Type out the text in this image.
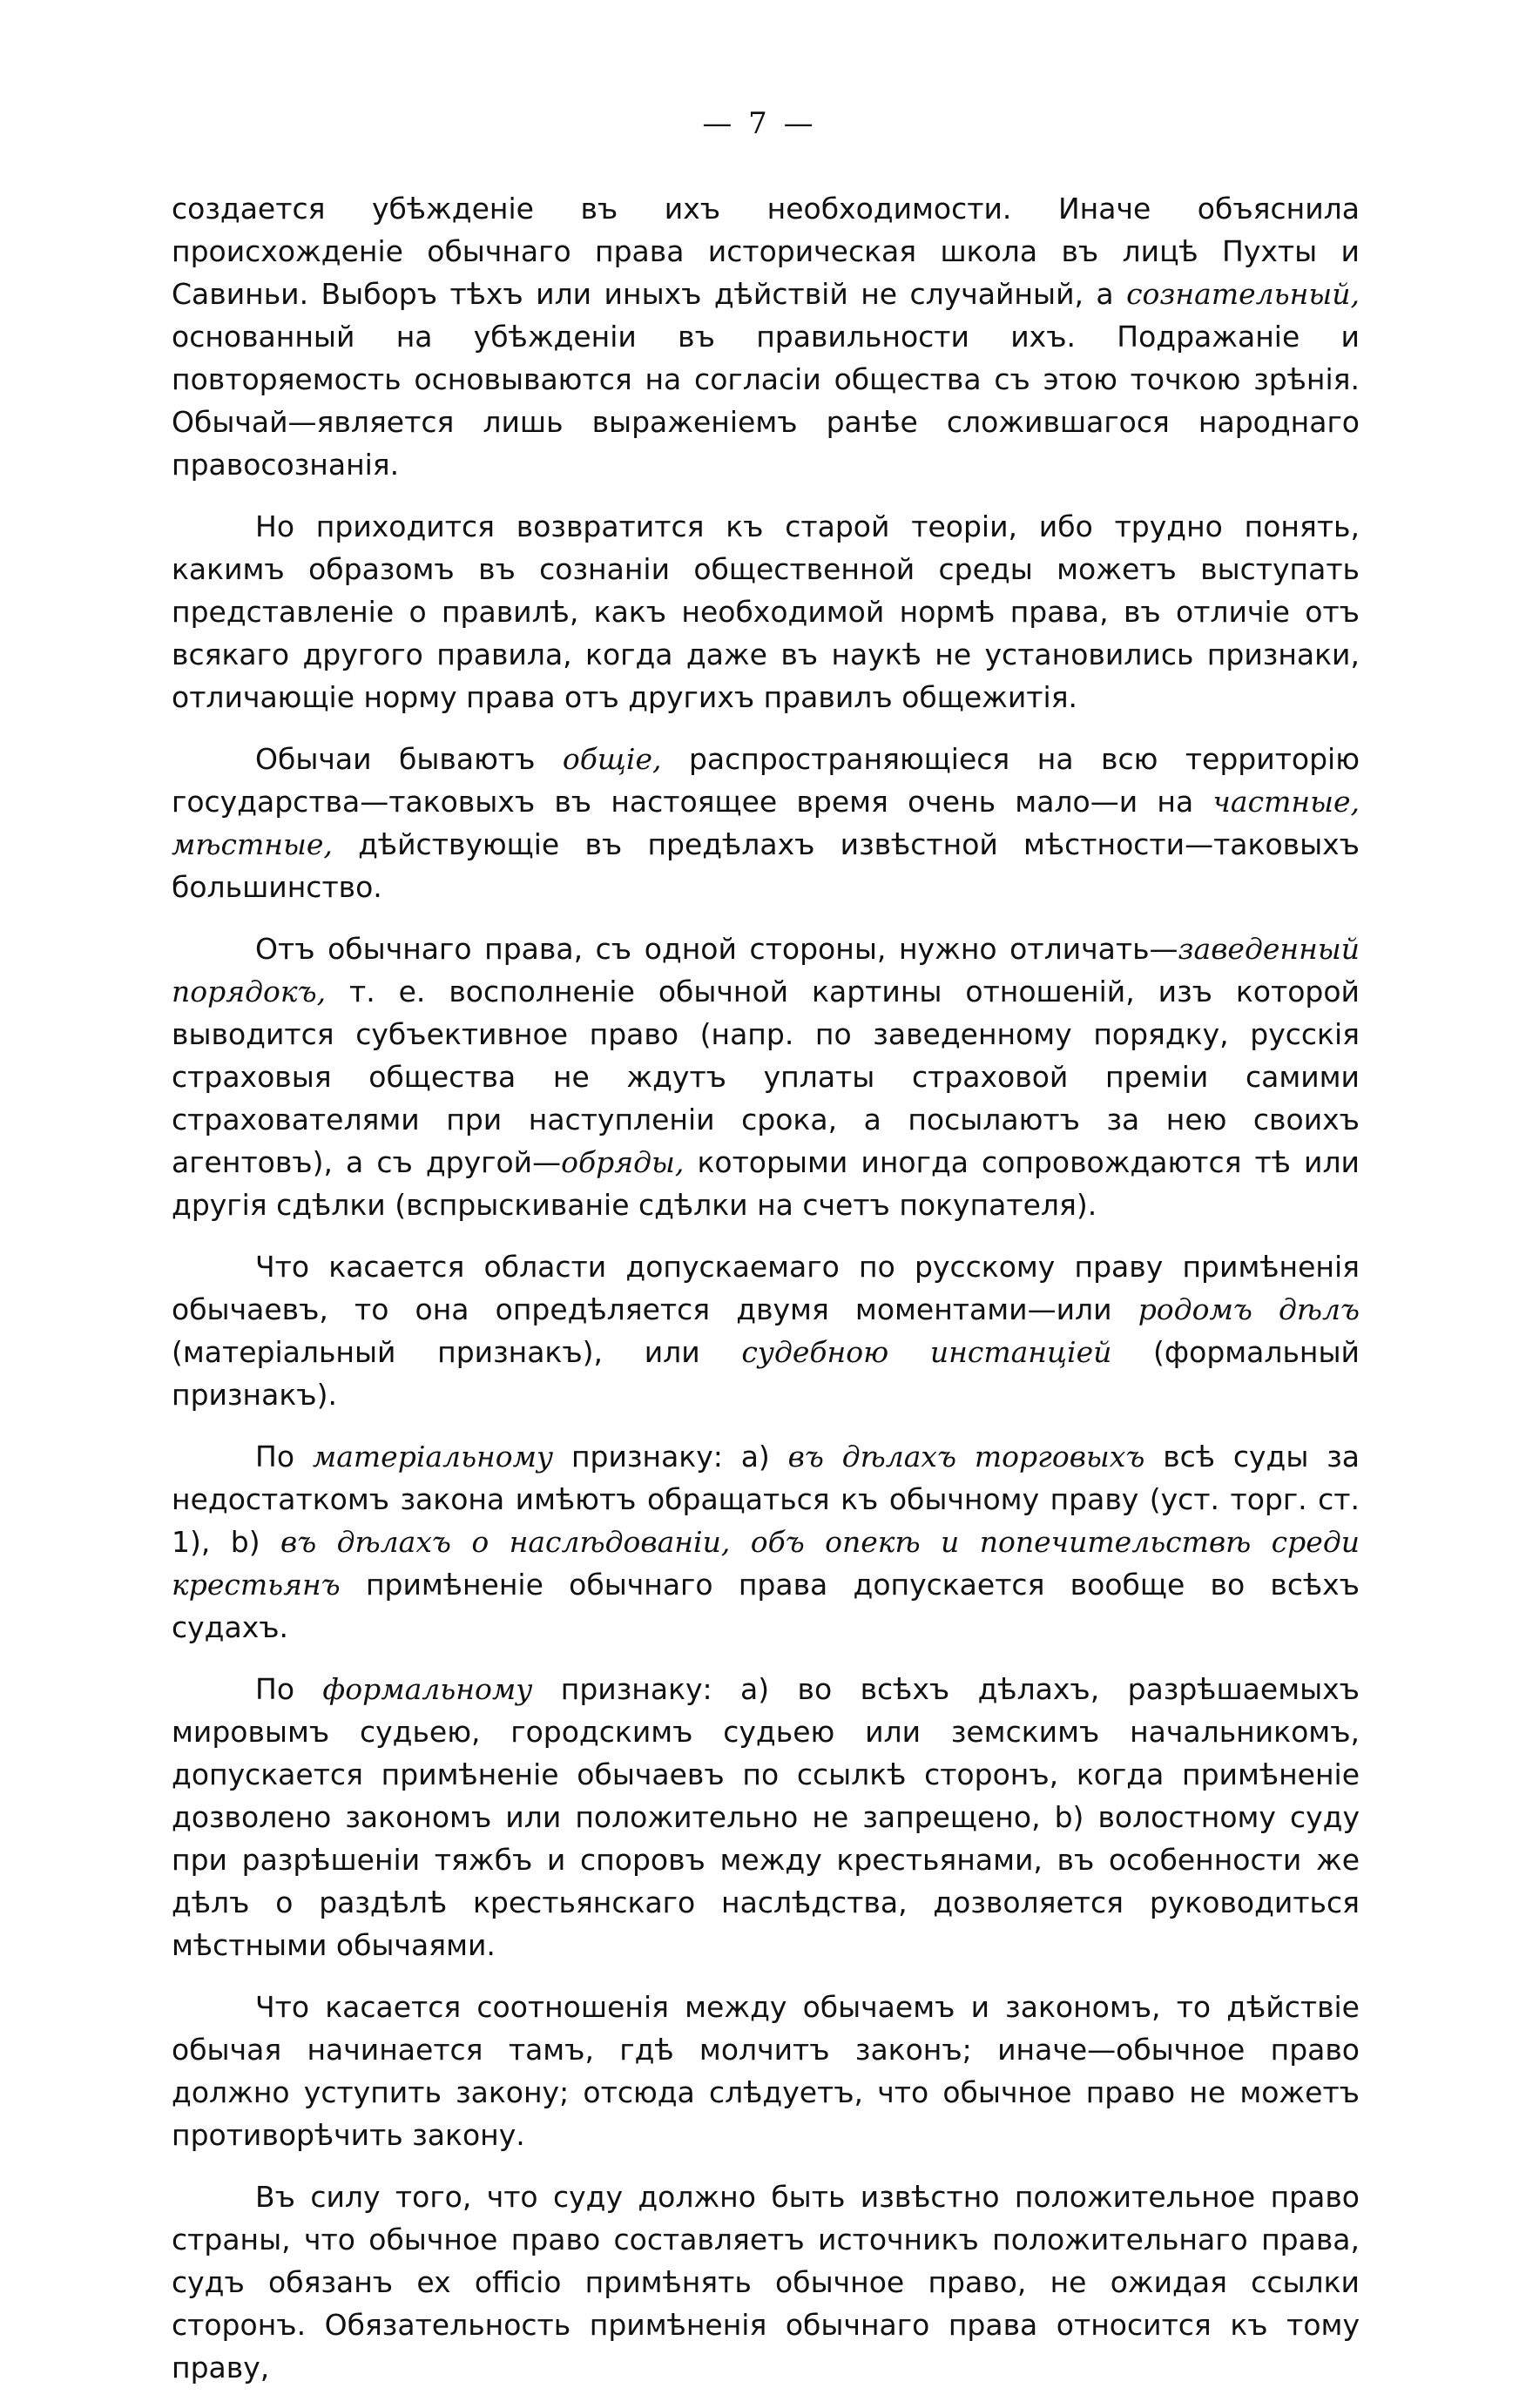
— 7 —

создается убѣжденіе въ ихъ необходимости. Иначе объяснила происхожденіе обычнаго права историческая школа въ лицѣ Пухты и Савиньи. Выборъ тѣхъ или иныхъ дѣйствій не случайный, а сознательный, основанный на убѣжденіи въ правильности ихъ. Подражаніе и повторяемость основываются на согласіи общества съ этою точкою зрѣнія. Обычай—является лишь выраженіемъ ранѣе сложившагося народнаго правосознанія.

Но приходится возвратится къ старой теоріи, ибо трудно понять, какимъ образомъ въ сознаніи общественной среды можетъ выступать представленіе о правилѣ, какъ необходимой нормѣ права, въ отличіе отъ всякаго другого правила, когда даже въ наукѣ не установились признаки, отличающіе норму права отъ другихъ правилъ общежитія.

Обычаи бываютъ общіе, распространяющіеся на всю территорію государства—таковыхъ въ настоящее время очень мало—и на частные, мѣстные, дѣйствующіе въ предѣлахъ извѣстной мѣстности—таковыхъ большинство.

Отъ обычнаго права, съ одной стороны, нужно отличать—заведенный порядокъ, т. е. восполненіе обычной картины отношеній, изъ которой выводится субъективное право (напр. по заведенному порядку, русскія страховыя общества не ждутъ уплаты страховой преміи самими страхователями при наступленіи срока, а посылаютъ за нею своихъ агентовъ), а съ другой—обряды, которыми иногда сопровождаются тѣ или другія сдѣлки (вспрыскиваніе сдѣлки на счетъ покупателя).

Что касается области допускаемаго по русскому праву примѣненія обычаевъ, то она опредѣляется двумя моментами—или родомъ дѣлъ (матеріальный признакъ), или судебною инстанціей (формальный признакъ).

По матеріальному признаку: a) въ дѣлахъ торговыхъ всѣ суды за недостаткомъ закона имѣютъ обращаться къ обычному праву (уст. торг. ст. 1), b) въ дѣлахъ о наслѣдованіи, объ опекѣ и попечительствѣ среди крестьянъ примѣненіе обычнаго права допускается вообще во всѣхъ судахъ.

По формальному признаку: a) во всѣхъ дѣлахъ, разрѣшаемыхъ мировымъ судьею, городскимъ судьею или земскимъ начальникомъ, допускается примѣненіе обычаевъ по ссылкѣ сторонъ, когда примѣненіе дозволено закономъ или положительно не запрещено, b) волостному суду при разрѣшеніи тяжбъ и споровъ между крестьянами, въ особенности же дѣлъ о раздѣлѣ крестьянскаго наслѣдства, дозволяется руководиться мѣстными обычаями.

Что касается соотношенія между обычаемъ и закономъ, то дѣйствіе обычая начинается тамъ, гдѣ молчитъ законъ; иначе—обычное право должно уступить закону; отсюда слѣдуетъ, что обычное право не можетъ противорѣчить закону.

Въ силу того, что суду должно быть извѣстно положительное право страны, что обычное право составляетъ источникъ положительнаго права, судъ обязанъ ex officio примѣнять обычное право, не ожидая ссылки сторонъ. Обязательность примѣненія обычнаго права относится къ тому праву,
